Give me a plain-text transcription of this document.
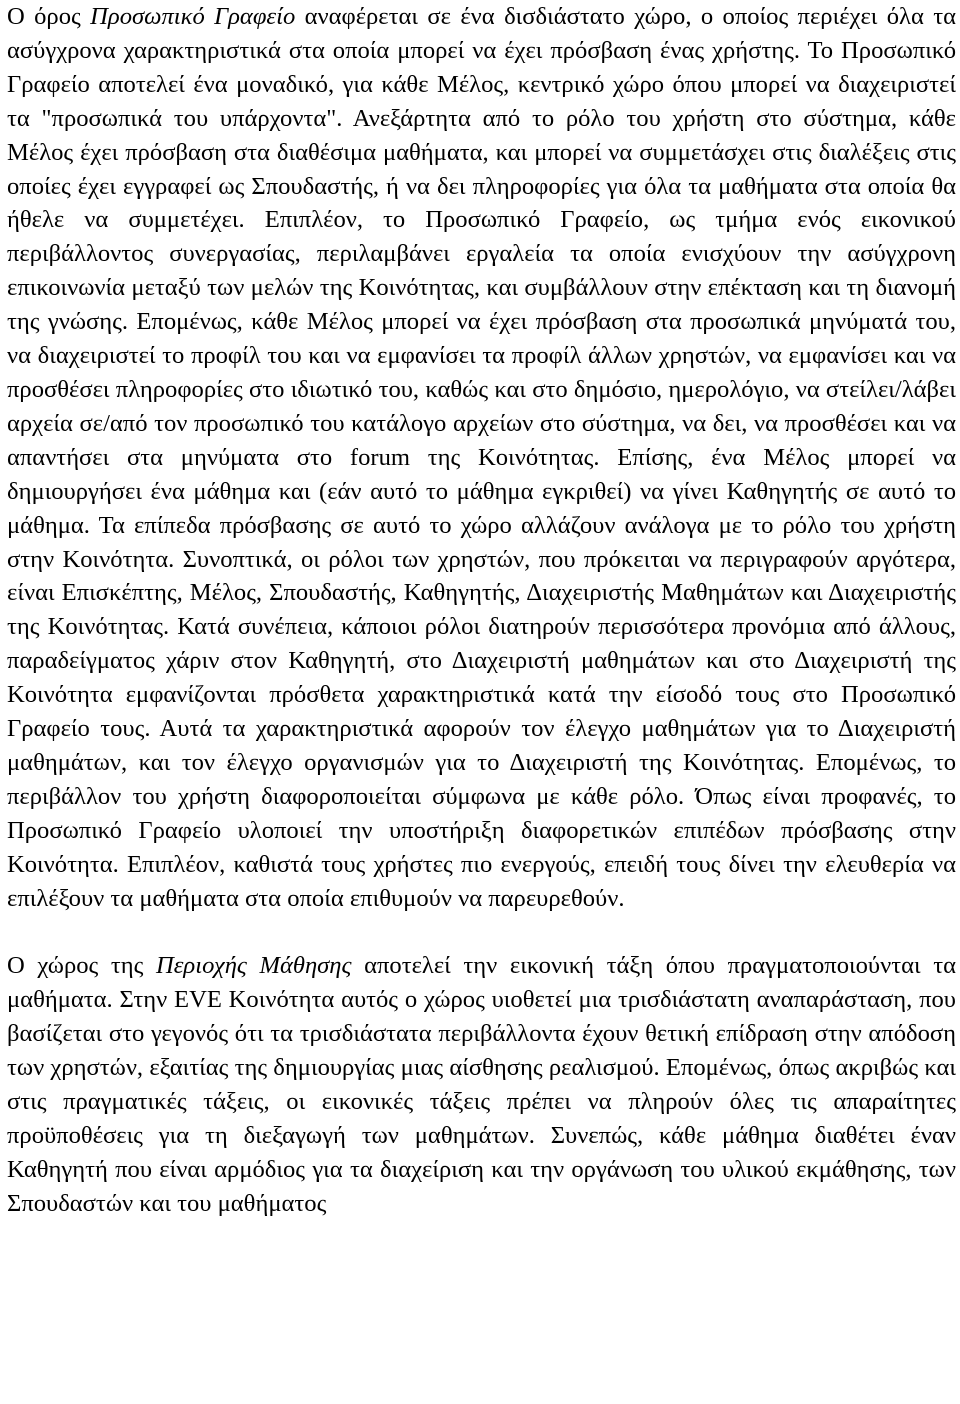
Ο όρος Προσωπικό Γραφείο αναφέρεται σε ένα δισδιάστατο χώρο, ο οποίος περιέχει όλα τα ασύγχρονα χαρακτηριστικά στα οποία μπορεί να έχει πρόσβαση ένας χρήστης. Το Προσωπικό Γραφείο αποτελεί ένα μοναδικό, για κάθε Μέλος, κεντρικό χώρο όπου μπορεί να διαχειριστεί τα "προσωπικά του υπάρχοντα". Ανεξάρτητα από το ρόλο του χρήστη στο σύστημα, κάθε Μέλος έχει πρόσβαση στα διαθέσιμα μαθήματα, και μπορεί να συμμετάσχει στις διαλέξεις στις οποίες έχει εγγραφεί ως Σπουδαστής, ή να δει πληροφορίες για όλα τα μαθήματα στα οποία θα ήθελε να συμμετέχει. Επιπλέον, το Προσωπικό Γραφείο, ως τμήμα ενός εικονικού περιβάλλοντος συνεργασίας, περιλαμβάνει εργαλεία τα οποία ενισχύουν την ασύγχρονη επικοινωνία μεταξύ των μελών της Κοινότητας, και συμβάλλουν στην επέκταση και τη διανομή της γνώσης. Επομένως, κάθε Μέλος μπορεί να έχει πρόσβαση στα προσωπικά μηνύματά του, να διαχειριστεί το προφίλ του και να εμφανίσει τα προφίλ άλλων χρηστών, να εμφανίσει και να προσθέσει πληροφορίες στο ιδιωτικό του, καθώς και στο δημόσιο, ημερολόγιο, να στείλει/λάβει αρχεία σε/από τον προσωπικό του κατάλογο αρχείων στο σύστημα, να δει, να προσθέσει και να απαντήσει στα μηνύματα στο forum της Κοινότητας. Επίσης, ένα Μέλος μπορεί να δημιουργήσει ένα μάθημα και (εάν αυτό το μάθημα εγκριθεί) να γίνει Καθηγητής σε αυτό το μάθημα. Τα επίπεδα πρόσβασης σε αυτό το χώρο αλλάζουν ανάλογα με το ρόλο του χρήστη στην Κοινότητα. Συνοπτικά, οι ρόλοι των χρηστών, που πρόκειται να περιγραφούν αργότερα, είναι Επισκέπτης, Μέλος, Σπουδαστής, Καθηγητής, Διαχειριστής Μαθημάτων και Διαχειριστής της Κοινότητας. Κατά συνέπεια, κάποιοι ρόλοι διατηρούν περισσότερα προνόμια από άλλους, παραδείγματος χάριν στον Καθηγητή, στο Διαχειριστή μαθημάτων και στο Διαχειριστή της Κοινότητα εμφανίζονται πρόσθετα χαρακτηριστικά κατά την είσοδό τους στο Προσωπικό Γραφείο τους. Αυτά τα χαρακτηριστικά αφορούν τον έλεγχο μαθημάτων για το Διαχειριστή μαθημάτων, και τον έλεγχο οργανισμών για το Διαχειριστή της Κοινότητας. Επομένως, το περιβάλλον του χρήστη διαφοροποιείται σύμφωνα με κάθε ρόλο. Όπως είναι προφανές, το Προσωπικό Γραφείο υλοποιεί την υποστήριξη διαφορετικών επιπέδων πρόσβασης στην Κοινότητα. Επιπλέον, καθιστά τους χρήστες πιο ενεργούς, επειδή τους δίνει την ελευθερία να επιλέξουν τα μαθήματα στα οποία επιθυμούν να παρευρεθούν.

Ο χώρος της Περιοχής Μάθησης αποτελεί την εικονική τάξη όπου πραγματοποιούνται τα μαθήματα. Στην EVE Κοινότητα αυτός ο χώρος υιοθετεί μια τρισδιάστατη αναπαράσταση, που βασίζεται στο γεγονός ότι τα τρισδιάστατα περιβάλλοντα έχουν θετική επίδραση στην απόδοση των χρηστών, εξαιτίας της δημιουργίας μιας αίσθησης ρεαλισμού. Επομένως, όπως ακριβώς και στις πραγματικές τάξεις, οι εικονικές τάξεις πρέπει να πληρούν όλες τις απαραίτητες προϋποθέσεις για τη διεξαγωγή των μαθημάτων. Συνεπώς, κάθε μάθημα διαθέτει έναν Καθηγητή που είναι αρμόδιος για τα διαχείριση και την οργάνωση του υλικού εκμάθησης, των Σπουδαστών και του μαθήματος
